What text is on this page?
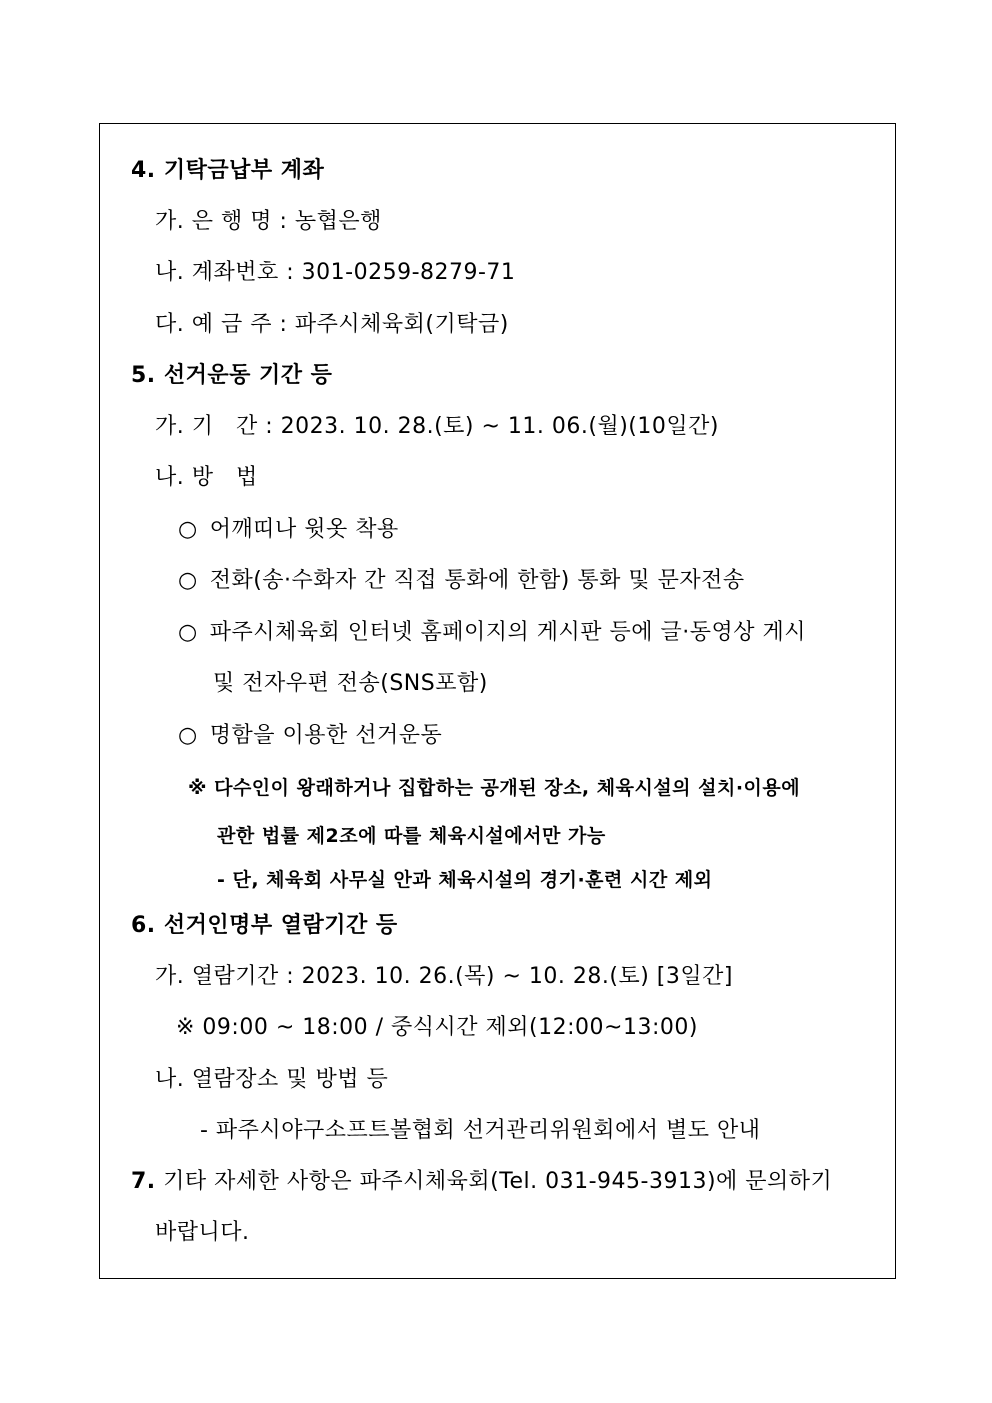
4. 기탁금납부 계좌
가. 은 행 명 : 농협은행
나. 계좌번호 : 301-0259-8279-71
다. 예 금 주 : 파주시체육회(기탁금)
5. 선거운동 기간 등
가. 기　간 : 2023. 10. 28.(토) ~ 11. 06.(월)(10일간)
나. 방　법
○ 어깨띠나 윗옷 착용
○ 전화(송·수화자 간 직접 통화에 한함) 통화 및 문자전송
○ 파주시체육회 인터넷 홈페이지의 게시판 등에 글·동영상 게시
및 전자우편 전송(SNS포함)
○ 명함을 이용한 선거운동
※ 다수인이 왕래하거나 집합하는 공개된 장소, 체육시설의 설치·이용에
관한 법률 제2조에 따를 체육시설에서만 가능
- 단, 체육회 사무실 안과 체육시설의 경기·훈련 시간 제외
6. 선거인명부 열람기간 등
가. 열람기간 : 2023. 10. 26.(목) ~ 10. 28.(토) [3일간]
※ 09:00 ~ 18:00 / 중식시간 제외(12:00~13:00)
나. 열람장소 및 방법 등
- 파주시야구소프트볼협회 선거관리위원회에서 별도 안내
7. 기타 자세한 사항은 파주시체육회(Tel. 031-945-3913)에 문의하기
바랍니다.
